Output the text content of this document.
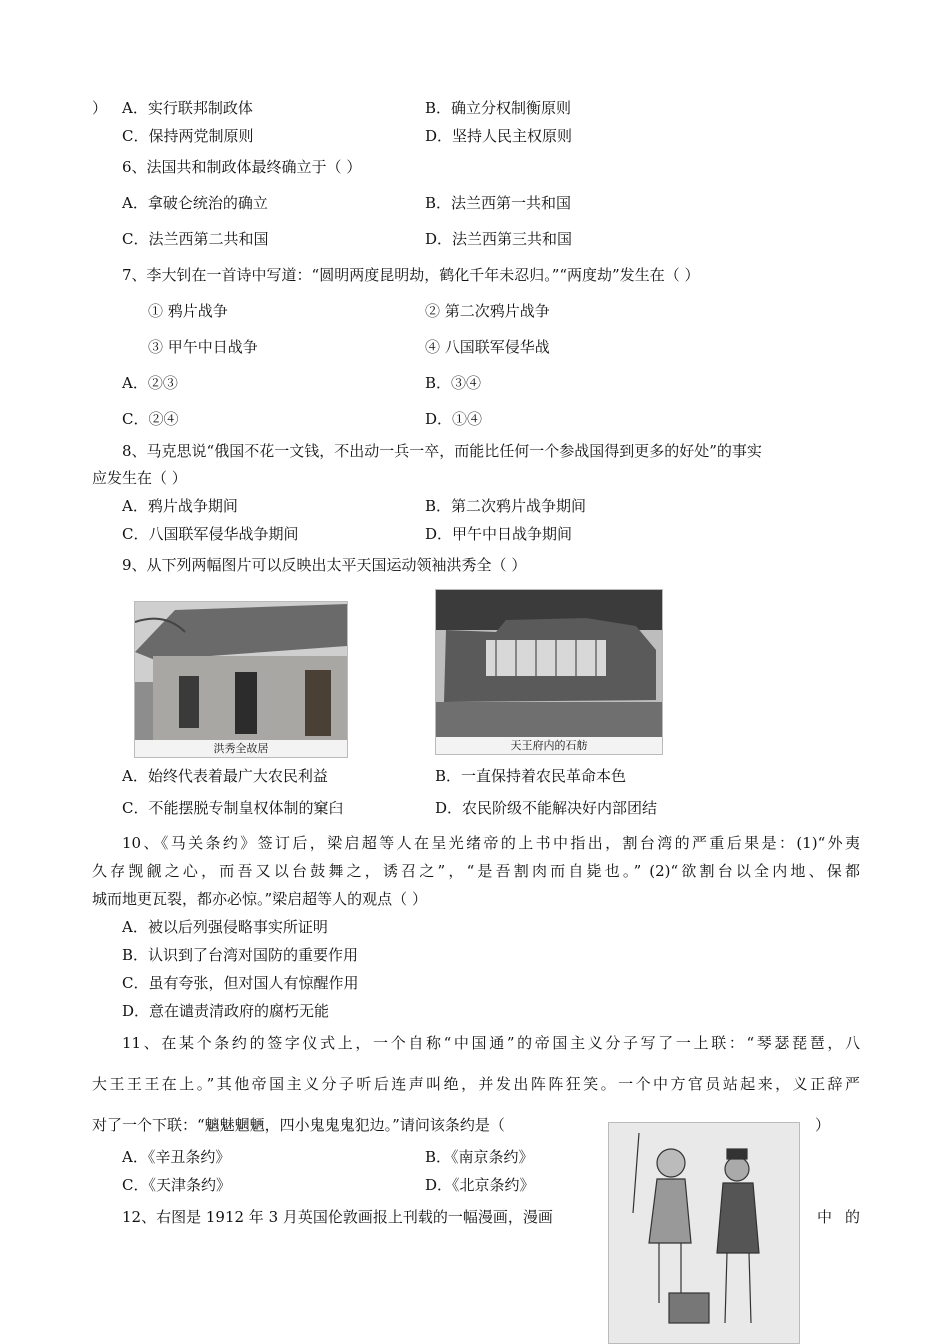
） A．实行联邦制政体	B．确立分权制衡原则
C．保持两党制原则	D．坚持人民主权原则
6、法国共和制政体最终确立于（ ）
A．拿破仑统治的确立	B．法兰西第一共和国
C．法兰西第二共和国	D．法兰西第三共和国
7、李大钊在一首诗中写道：“圆明两度昆明劫，鹤化千年未忍归。”“两度劫”发生在（ ）
① 鸦片战争	② 第二次鸦片战争
③ 甲午中日战争	④ 八国联军侵华战
A．②③	B．③④
C．②④	D．①④
8、马克思说“俄国不花一文钱，不出动一兵一卒，而能比任何一个参战国得到更多的好处”的事实
应发生在（ ）
A．鸦片战争期间	B．第二次鸦片战争期间
C．八国联军侵华战争期间	D．甲午中日战争期间
9、从下列两幅图片可以反映出太平天国运动领袖洪秀全（ ）
洪秀全故居	天王府内的石舫
A．始终代表着最广大农民利益	B．一直保持着农民革命本色
C．不能摆脱专制皇权体制的窠臼	D．农民阶级不能解决好内部团结
10、《马关条约》签订后，梁启超等人在呈光绪帝的上书中指出，割台湾的严重后果是：(1)“外夷
久存觊觎之心，而吾又以台鼓舞之，诱召之”，“是吾割肉而自毙也。” (2)“欲割台以全内地、保都
城而地更瓦裂，都亦必惊。”梁启超等人的观点（ ）
A．被以后列强侵略事实所证明
B．认识到了台湾对国防的重要作用
C．虽有夸张，但对国人有惊醒作用
D．意在谴责清政府的腐朽无能
11、在某个条约的签字仪式上，一个自称“中国通”的帝国主义分子写了一上联：“琴瑟琵琶，八
大王王王在上。”其他帝国主义分子听后连声叫绝，并发出阵阵狂笑。一个中方官员站起来，义正辞严
对了一个下联：“魑魅魍魉，四小鬼鬼鬼犯边。”请问该条约是（	）
A．《辛丑条约》	B．《南京条约》
C．《天津条约》	D．《北京条约》
12、右图是 1912 年 3 月英国伦敦画报上刊载的一幅漫画，漫画	中 的
